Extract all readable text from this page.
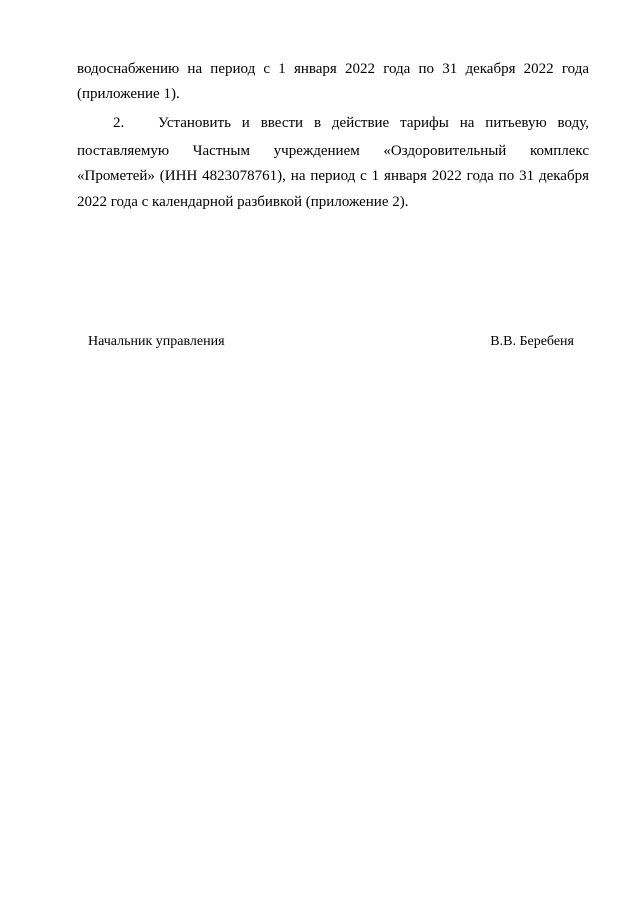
водоснабжению на период с 1 января 2022 года по 31 декабря 2022 года
(приложение 1).
2. Установить и ввести в действие тарифы на питьевую воду,
поставляемую Частным учреждением «Оздоровительный комплекс
«Прометей» (ИНН 4823078761), на период с 1 января 2022 года по 31 декабря
2022 года с календарной разбивкой (приложение 2).
Начальник управления	В.В. Беребеня
